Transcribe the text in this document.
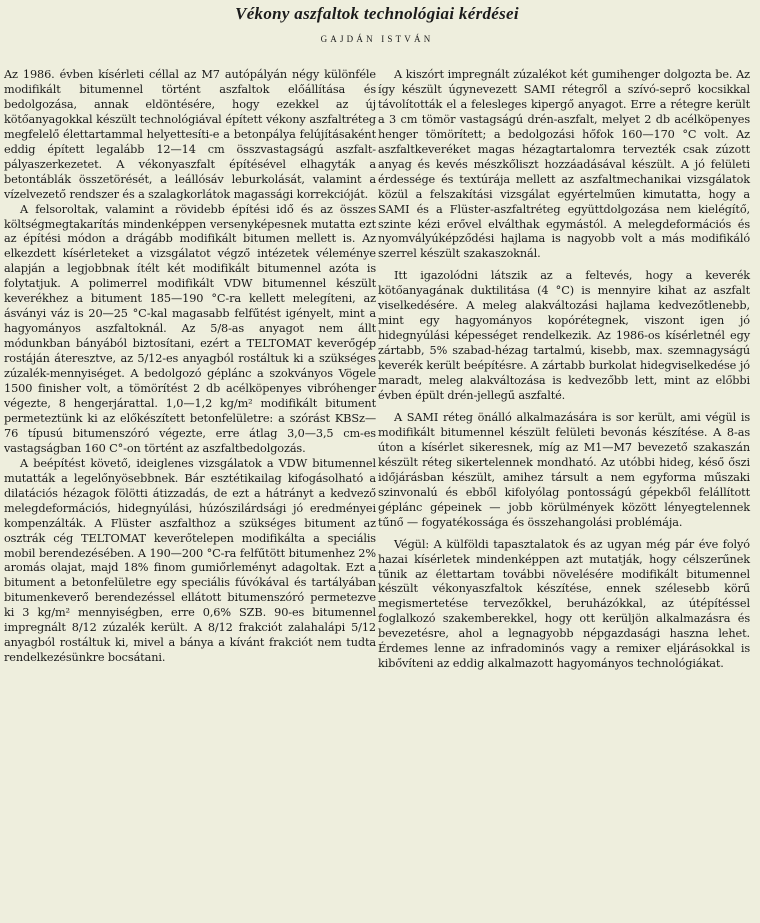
Vékony aszfaltok technológiai kérdései
GAJDÁN ISTVÁN

Az 1986. évben kísérleti céllal az M7 autópályán négy különféle modifikált bitumennel történt aszfaltok előállítása és bedolgozása, annak eldöntésére, hogy ezekkel az új kötőanyagokkal készült technológiával épített vékony aszfaltréteg megfelelő élettartammal helyettesíti-e a betonpálya felújításaként eddig épített legalább 12—14 cm összvastagságú aszfalt-pályaszerkezetet. A vékonyaszfalt építésével elhagyták a betontáblák összetörését, a leállósáv leburkolását, valamint a vízelvezető rendszer és a szalagkorlátok magassági korrekcióját.

A felsoroltak, valamint a rövidebb építési idő és az összes költségmegtakarítás mindenképpen versenyképesnek mutatta ezt az építési módon a drágább modifikált bitumen mellett is. Az elkezdett kísérleteket a vizsgálatot végző intézetek véleménye alapján a legjobbnak ítélt két modifikált bitumennel azóta is folytatjuk. A polimerrel modifikált VDW bitumennel készült keverékhez a bitument 185—190 °C-ra kellett melegíteni, az ásványi váz is 20—25 °C-kal magasabb felfűtést igényelt, mint a hagyományos aszfaltoknál. Az 5/8-as anyagot nem állt módunkban bányából biztosítani, ezért a TELTOMAT keverőgép rostáján áteresztve, az 5/12-es anyagból rostáltuk ki a szükséges zúzalék-mennyiséget. A bedolgozó géplánc a szokványos Vögele 1500 finisher volt, a tömörítést 2 db acélköpenyes vibróhenger végezte, 8 hengerjárattal. 1,0—1,2 kg/m² modifikált bitument permeteztünk ki az előkészített betonfelületre: a szórást KBSz—76 típusú bitumenszóró végezte, erre átlag 3,0—3,5 cm-es vastagságban 160 C°-on történt az aszfaltbedolgozás.

A beépítést követő, ideiglenes vizsgálatok a VDW bitumennel mutatták a legelőnyösebbnek. Bár esztétikailag kifogásolható a dilatációs hézagok fölötti átizzadás, de ezt a hátrányt a kedvező melegdeformációs, hidegnyúlási, húzószilárdsági jó eredményei kompenzálták. A Flüster aszfalthoz a szükséges bitument az osztrák cég TELTOMAT keverőtelepen modifikálta a speciális mobil berendezésében. A 190—200 °C-ra felfűtött bitumenhez 2% aromás olajat, majd 18% finom gumiőrleményt adagoltak. Ezt a bitument a betonfelületre egy speciális fúvókával és tartályában bitumenkeverő berendezéssel ellátott bitumenszóró permetezve ki 3 kg/m² mennyiségben, erre 0,6% SZB. 90-es bitumennel impregnált 8/12 zúzalék került. A 8/12 frakciót zalahalápi 5/12 anyagból rostáltuk ki, mivel a bánya a kívánt frakciót nem tudta rendelkezésünkre bocsátani.

A kiszórt impregnált zúzalékot két gumihenger dolgozta be. Az így készült úgynevezett SAMI rétegről a szívó-seprő kocsikkal távolították el a felesleges kipergő anyagot. Erre a rétegre került a 3 cm tömör vastagságú drén-aszfalt, melyet 2 db acélköpenyes henger tömörített; a bedolgozási hőfok 160—170 °C volt. Az aszfaltkeveréket magas hézagtartalomra tervezték csak zúzott anyag és kevés mészkőliszt hozzáadásával készült. A jó felületi érdessége és textúrája mellett az aszfaltmechanikai vizsgálatok közül a felszakítási vizsgálat egyértelműen kimutatta, hogy a SAMI és a Flüster-aszfaltréteg együttdolgozása nem kielégítő, szinte kézi erővel elválthak egymástól. A melegdeformációs és nyomvályúképződési hajlama is nagyobb volt a más modifikáló szerrel készült szakaszoknál.

Itt igazolódni látszik az a feltevés, hogy a keverék kötőanyagának duktilitása (4 °C) is mennyire kihat az aszfalt viselkedésére. A meleg alakváltozási hajlama kedvezőtlenebb, mint egy hagyományos kopórétegnek, viszont igen jó hidegnyúlási képességet rendelkezik. Az 1986-os kísérletnél egy zártabb, 5% szabad-hézag tartalmú, kisebb, max. szemnagyságú keverék került beépítésre. A zártabb burkolat hidegviselkedése jó maradt, meleg alakváltozása is kedvezőbb lett, mint az előbbi évben épült drén-jellegű aszfalté.

A SAMI réteg önálló alkalmazására is sor került, ami végül is modifikált bitumennel készült felületi bevonás készítése. A 8-as úton a kísérlet sikeresnek, míg az M1—M7 bevezető szakaszán készült réteg sikertelennek mondható. Az utóbbi hideg, késő őszi időjárásban készült, amihez társult a nem egyforma műszaki szinvonalú és ebből kifolyólag pontosságú gépekből felállított géplánc gépeinek — jobb körülmények között lényegtelennek tűnő — fogyatékossága és összehangolási problémája.

Végül: A külföldi tapasztalatok és az ugyan még pár éve folyó hazai kísérletek mindenképpen azt mutatják, hogy célszerűnek tűnik az élettartam további növelésére modifikált bitumennel készült vékonyaszfaltok készítése, ennek szélesebb körű megismertetése tervezőkkel, beruházókkal, az útépítéssel foglalkozó szakemberekkel, hogy ott kerüljön alkalmazásra és bevezetésre, ahol a legnagyobb népgazdasági haszna lehet. Érdemes lenne az infradominós vagy a remixer eljárásokkal is kibővíteni az eddig alkalmazott hagyományos technológiákat.
